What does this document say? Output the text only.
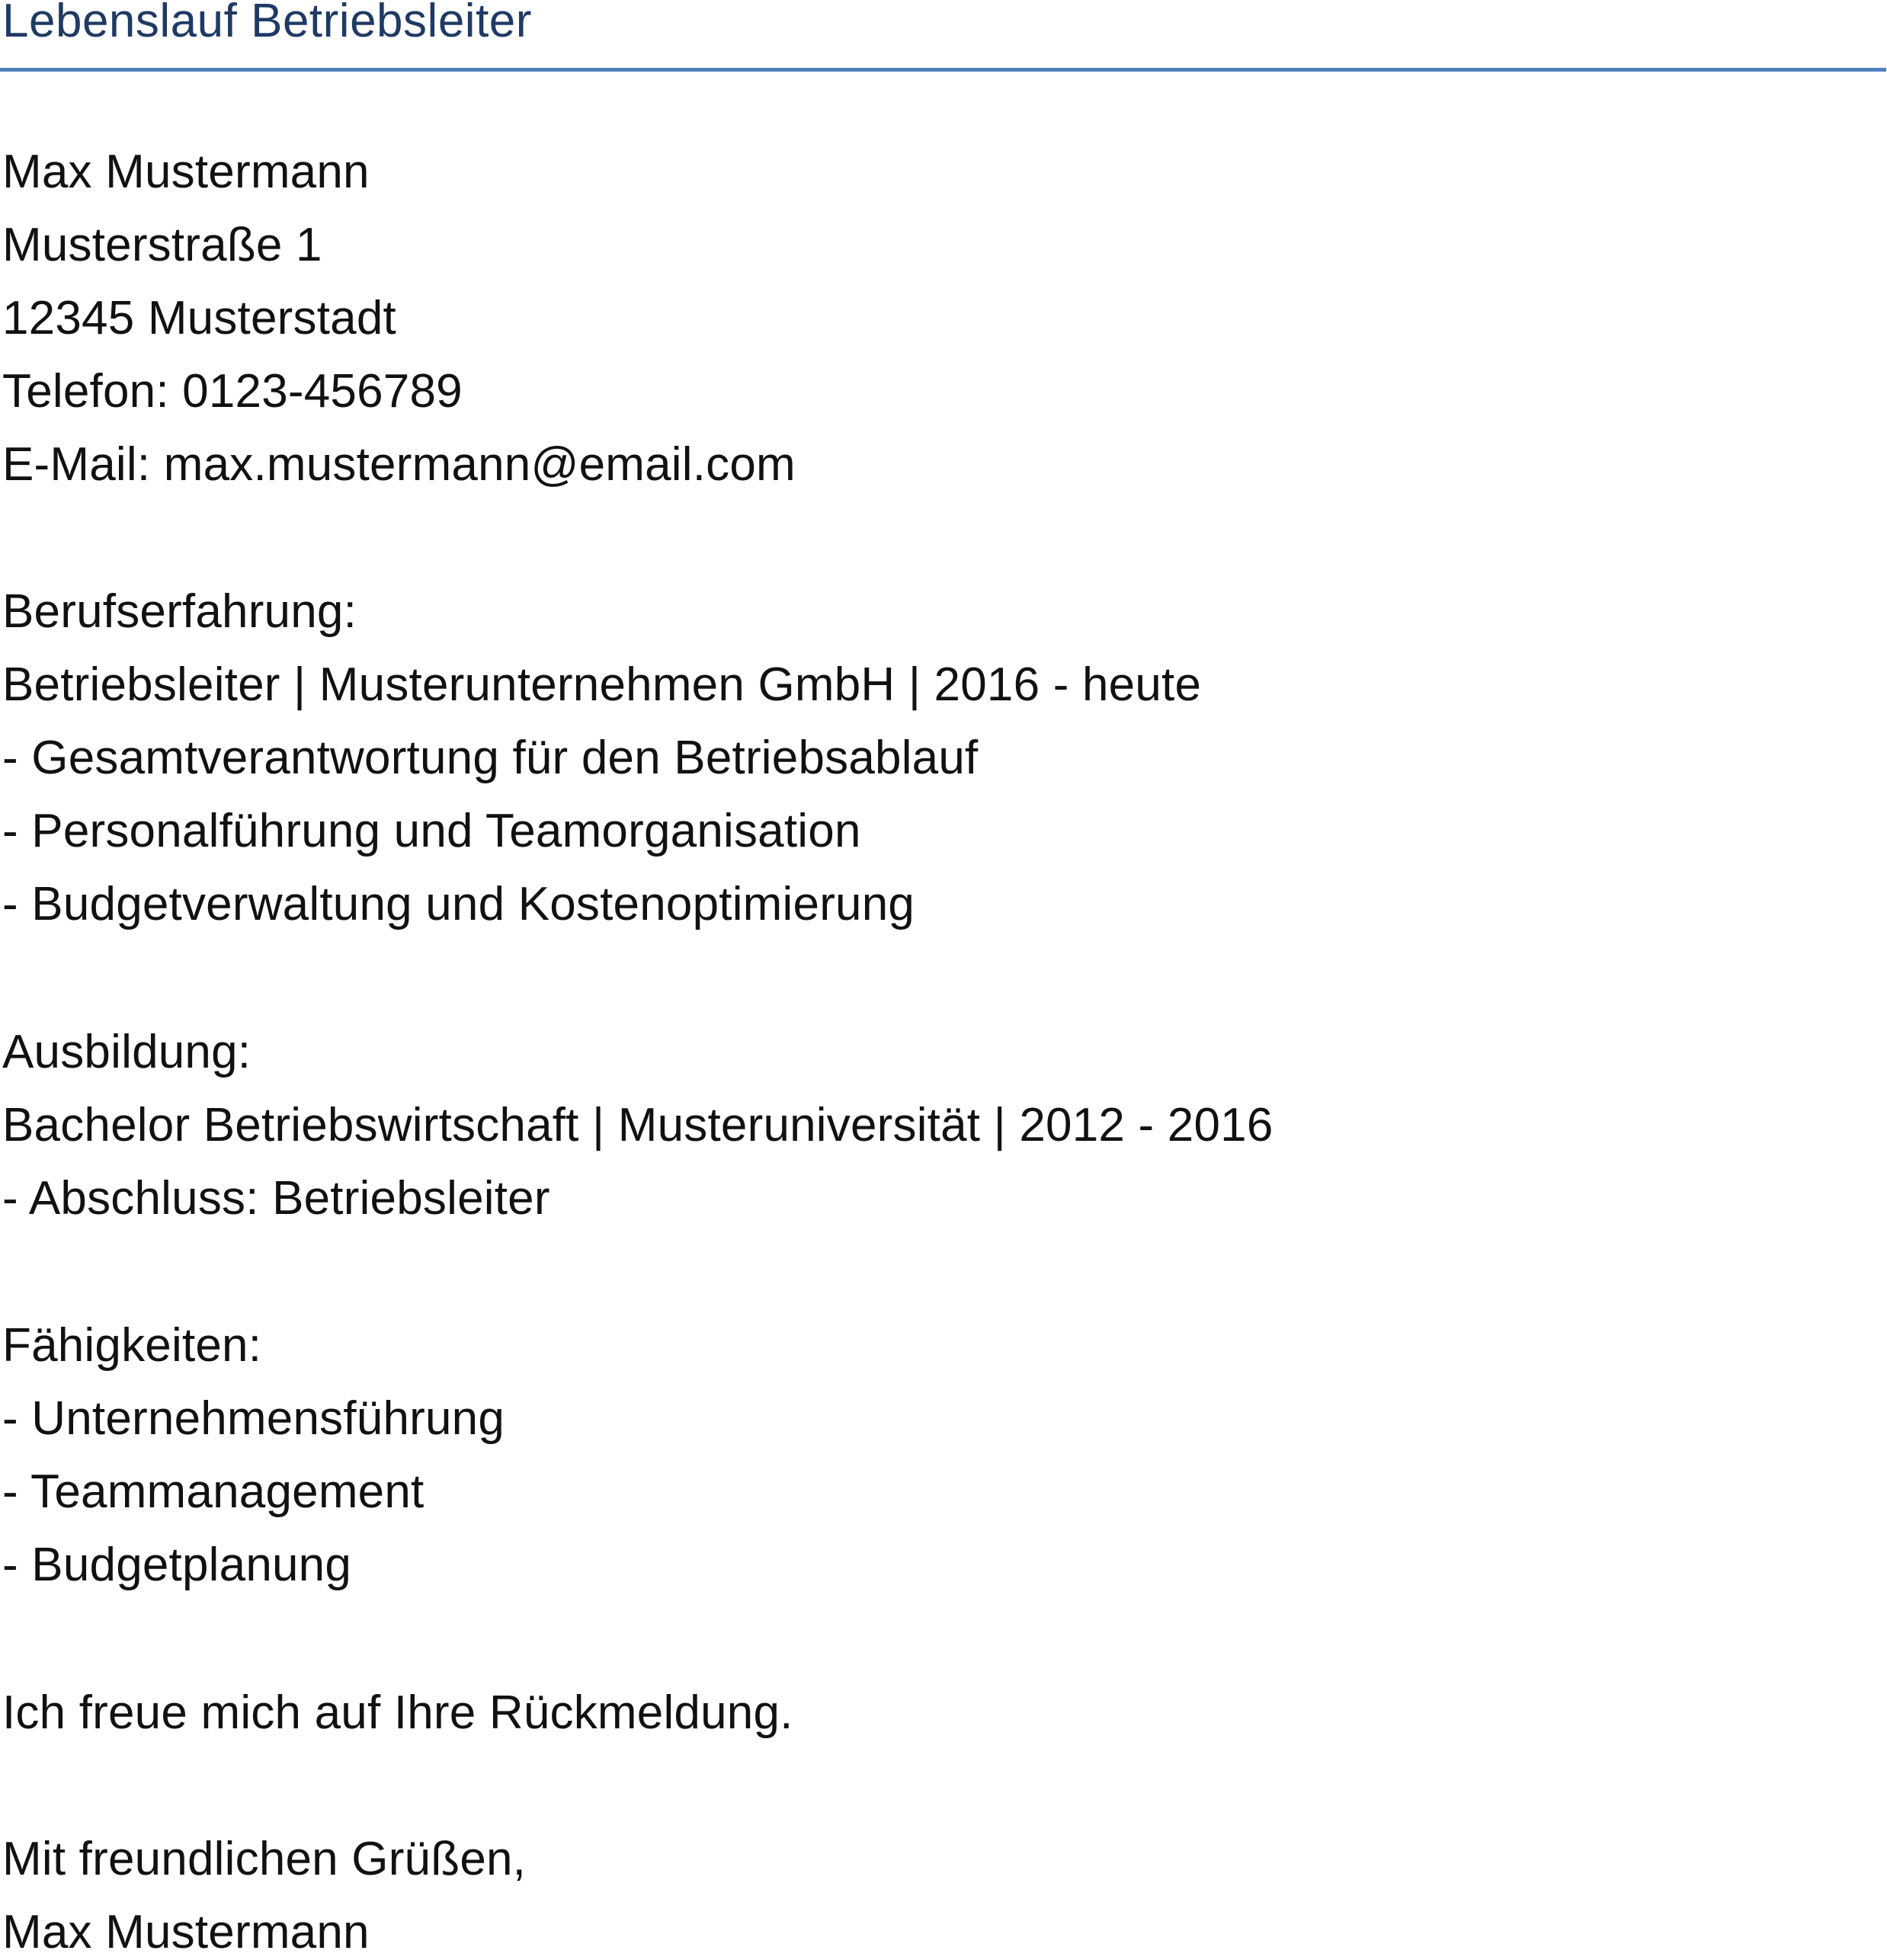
Lebenslauf Betriebsleiter

Max Mustermann

Musterstraße 1

12345 Musterstadt

Telefon: 0123-456789

E-Mail: max.mustermann@email.com

Berufserfahrung:

Betriebsleiter | Musterunternehmen GmbH | 2016 - heute

- Gesamtverantwortung für den Betriebsablauf

- Personalführung und Teamorganisation

- Budgetverwaltung und Kostenoptimierung

Ausbildung:

Bachelor Betriebswirtschaft | Musteruniversität | 2012 - 2016

- Abschluss: Betriebsleiter

Fähigkeiten:

- Unternehmensführung

- Teammanagement

- Budgetplanung

Ich freue mich auf Ihre Rückmeldung.

Mit freundlichen Grüßen,

Max Mustermann
